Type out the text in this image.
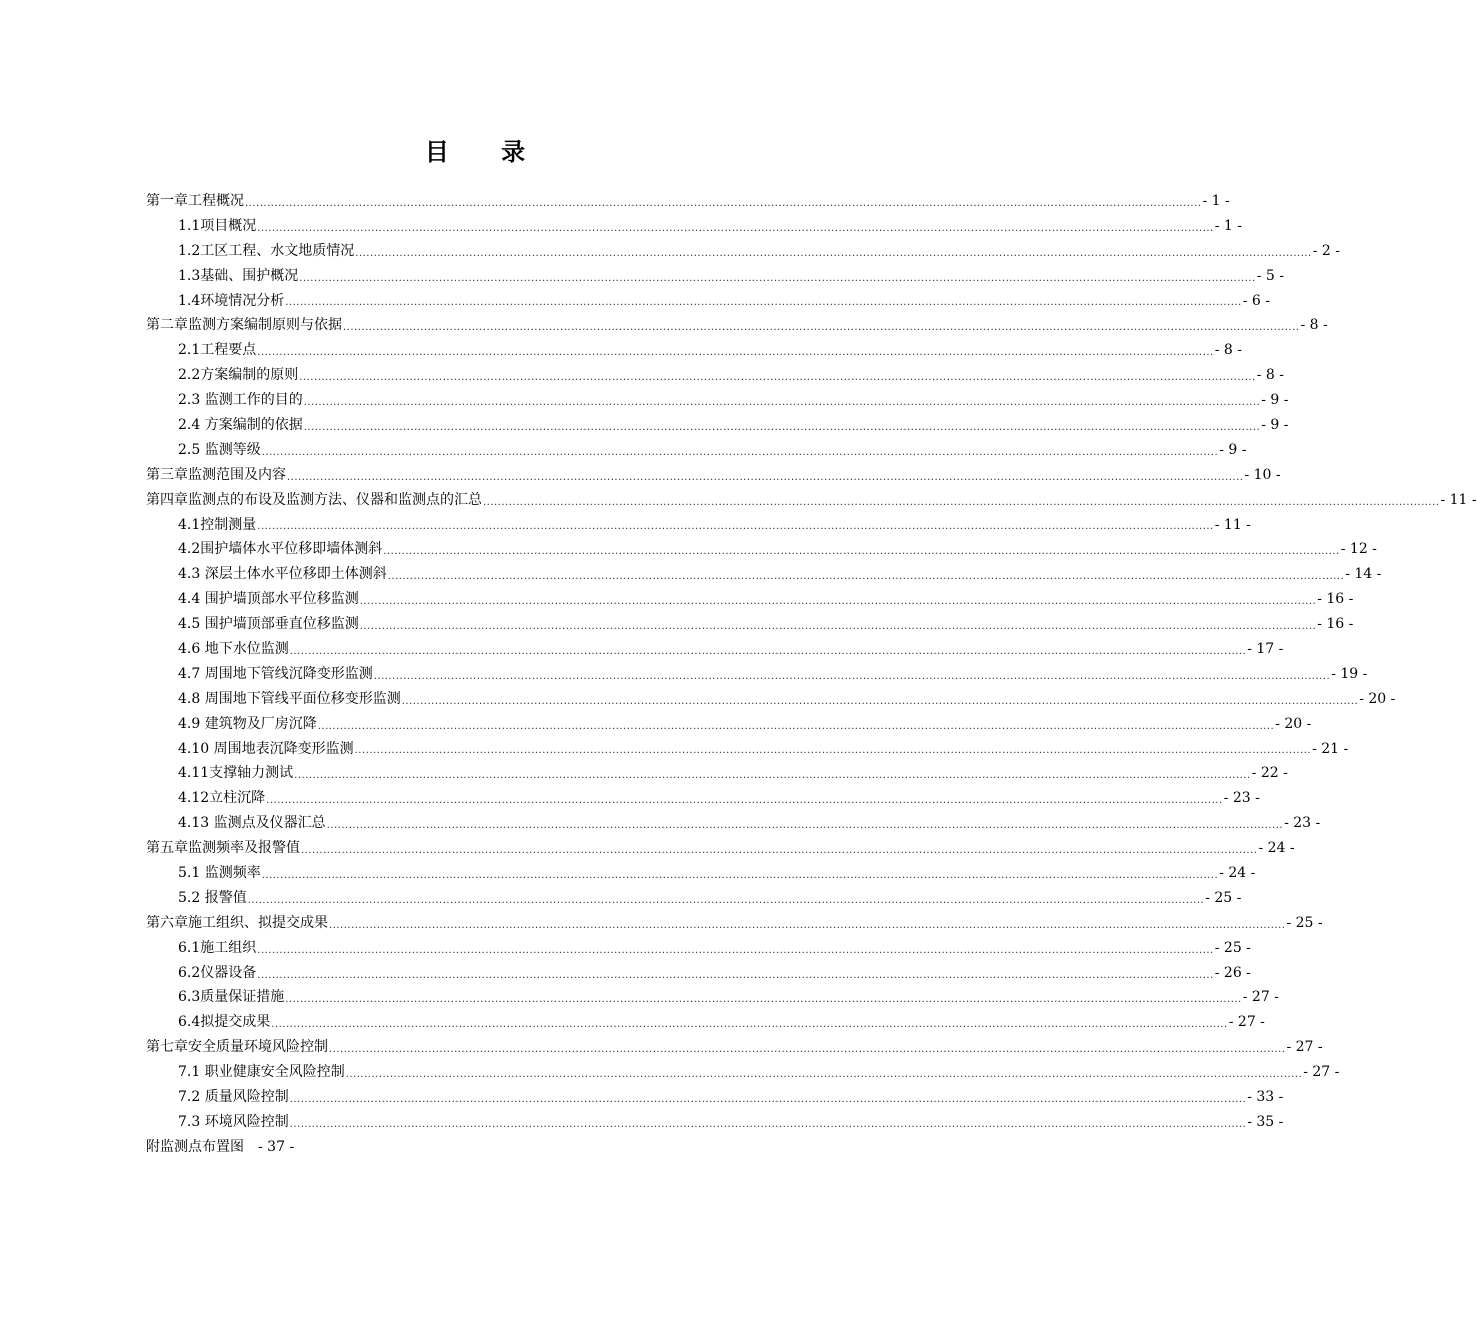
目 录
第一章 工程概况 .................................................................................................................................................................................................................................................................... - 1 -
1.1项目概况 .................................................................................................................................................................................................................................................................... - 1 -
1.2工区工程、水文地质情况 .................................................................................................................................................................................................................................................................... - 2 -
1.3基础、围护概况 .................................................................................................................................................................................................................................................................... - 5 -
1.4环境情况分析 .................................................................................................................................................................................................................................................................... - 6 -
第二章 监测方案编制原则与依据 .................................................................................................................................................................................................................................................................... - 8 -
2.1工程要点 .................................................................................................................................................................................................................................................................... - 8 -
2.2方案编制的原则 .................................................................................................................................................................................................................................................................... - 8 -
2.3 监测工作的目的 .................................................................................................................................................................................................................................................................... - 9 -
2.4 方案编制的依据 .................................................................................................................................................................................................................................................................... - 9 -
2.5 监测等级 .................................................................................................................................................................................................................................................................... - 9 -
第三章 监测范围及内容 .................................................................................................................................................................................................................................................................... - 10 -
第四章 监测点的布设及监测方法、仪器和监测点的汇总 .................................................................................................................................................................................................................................................................... - 11 -
4.1控制测量 .................................................................................................................................................................................................................................................................... - 11 -
4.2围护墙体水平位移即墙体测斜 .................................................................................................................................................................................................................................................................... - 12 -
4.3 深层土体水平位移即土体测斜 .................................................................................................................................................................................................................................................................... - 14 -
4.4 围护墙顶部水平位移监测 .................................................................................................................................................................................................................................................................... - 16 -
4.5 围护墙顶部垂直位移监测 .................................................................................................................................................................................................................................................................... - 16 -
4.6 地下水位监测 .................................................................................................................................................................................................................................................................... - 17 -
4.7 周围地下管线沉降变形监测 .................................................................................................................................................................................................................................................................... - 19 -
4.8 周围地下管线平面位移变形监测 .................................................................................................................................................................................................................................................................... - 20 -
4.9 建筑物及厂房沉降 .................................................................................................................................................................................................................................................................... - 20 -
4.10 周围地表沉降变形监测 .................................................................................................................................................................................................................................................................... - 21 -
4.11支撑轴力测试 .................................................................................................................................................................................................................................................................... - 22 -
4.12立柱沉降 .................................................................................................................................................................................................................................................................... - 23 -
4.13 监测点及仪器汇总 .................................................................................................................................................................................................................................................................... - 23 -
第五章 监测频率及报警值 .................................................................................................................................................................................................................................................................... - 24 -
5.1 监测频率 .................................................................................................................................................................................................................................................................... - 24 -
5.2 报警值 .................................................................................................................................................................................................................................................................... - 25 -
第六章 施工组织、拟提交成果 .................................................................................................................................................................................................................................................................... - 25 -
6.1施工组织 .................................................................................................................................................................................................................................................................... - 25 -
6.2仪器设备 .................................................................................................................................................................................................................................................................... - 26 -
6.3质量保证措施 .................................................................................................................................................................................................................................................................... - 27 -
6.4拟提交成果 .................................................................................................................................................................................................................................................................... - 27 -
第七章 安全质量环境风险控制 .................................................................................................................................................................................................................................................................... - 27 -
7.1 职业健康安全风险控制 .................................................................................................................................................................................................................................................................... - 27 -
7.2 质量风险控制 .................................................................................................................................................................................................................................................................... - 33 -
7.3 环境风险控制 .................................................................................................................................................................................................................................................................... - 35 -
附监测点布置图 - 37 -
